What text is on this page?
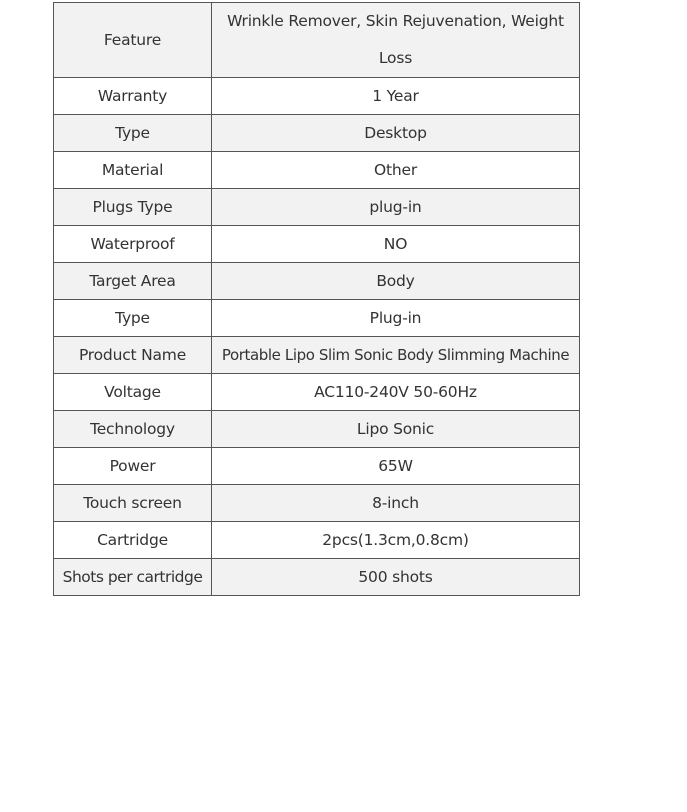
Feature	Wrinkle Remover, Skin Rejuvenation, Weight Loss
Warranty	1 Year
Type	Desktop
Material	Other
Plugs Type	plug-in
Waterproof	NO
Target Area	Body
Type	Plug-in
Product Name	Portable Lipo Slim Sonic Body Slimming Machine
Voltage	AC110-240V 50-60Hz
Technology	Lipo Sonic
Power	65W
Touch screen	8-inch
Cartridge	2pcs(1.3cm,0.8cm)
Shots per cartridge	500 shots
